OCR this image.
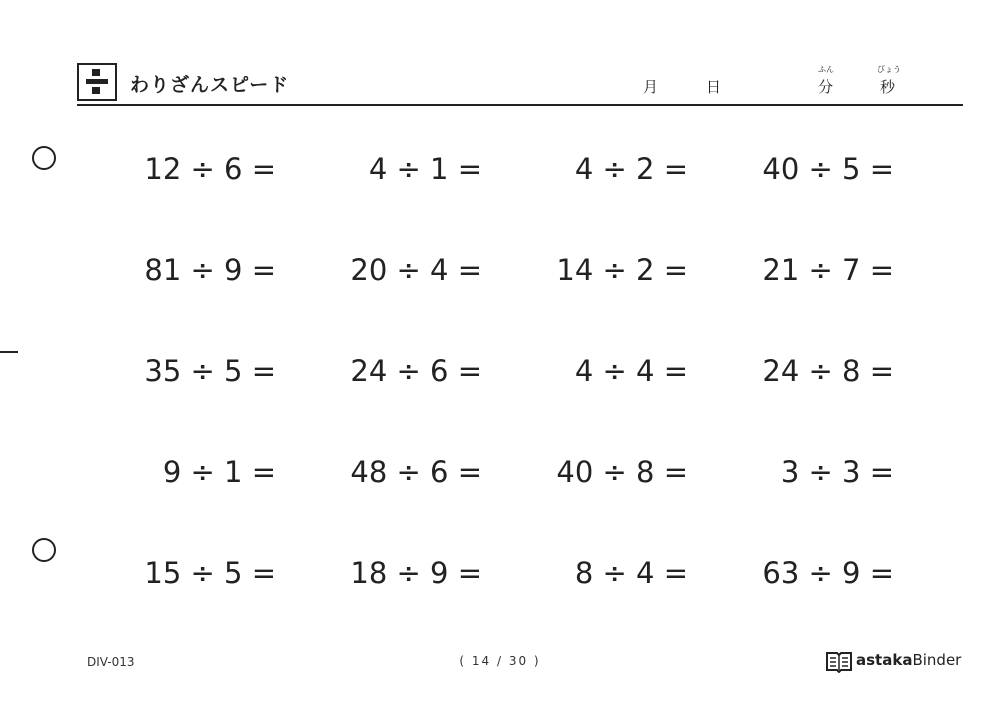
わりざんスピード	月	日
ふん
分
びょう
秒
12 ÷ 6 =	4 ÷ 1 =	4 ÷ 2 =	40 ÷ 5 =
81 ÷ 9 =	20 ÷ 4 =	14 ÷ 2 =	21 ÷ 7 =
35 ÷ 5 =	24 ÷ 6 =	4 ÷ 4 =	24 ÷ 8 =
9 ÷ 1 =	48 ÷ 6 =	40 ÷ 8 =	3 ÷ 3 =
15 ÷ 5 =	18 ÷ 9 =	8 ÷ 4 =	63 ÷ 9 =
DIV-013	( 14 / 30 )	astakaBinder
